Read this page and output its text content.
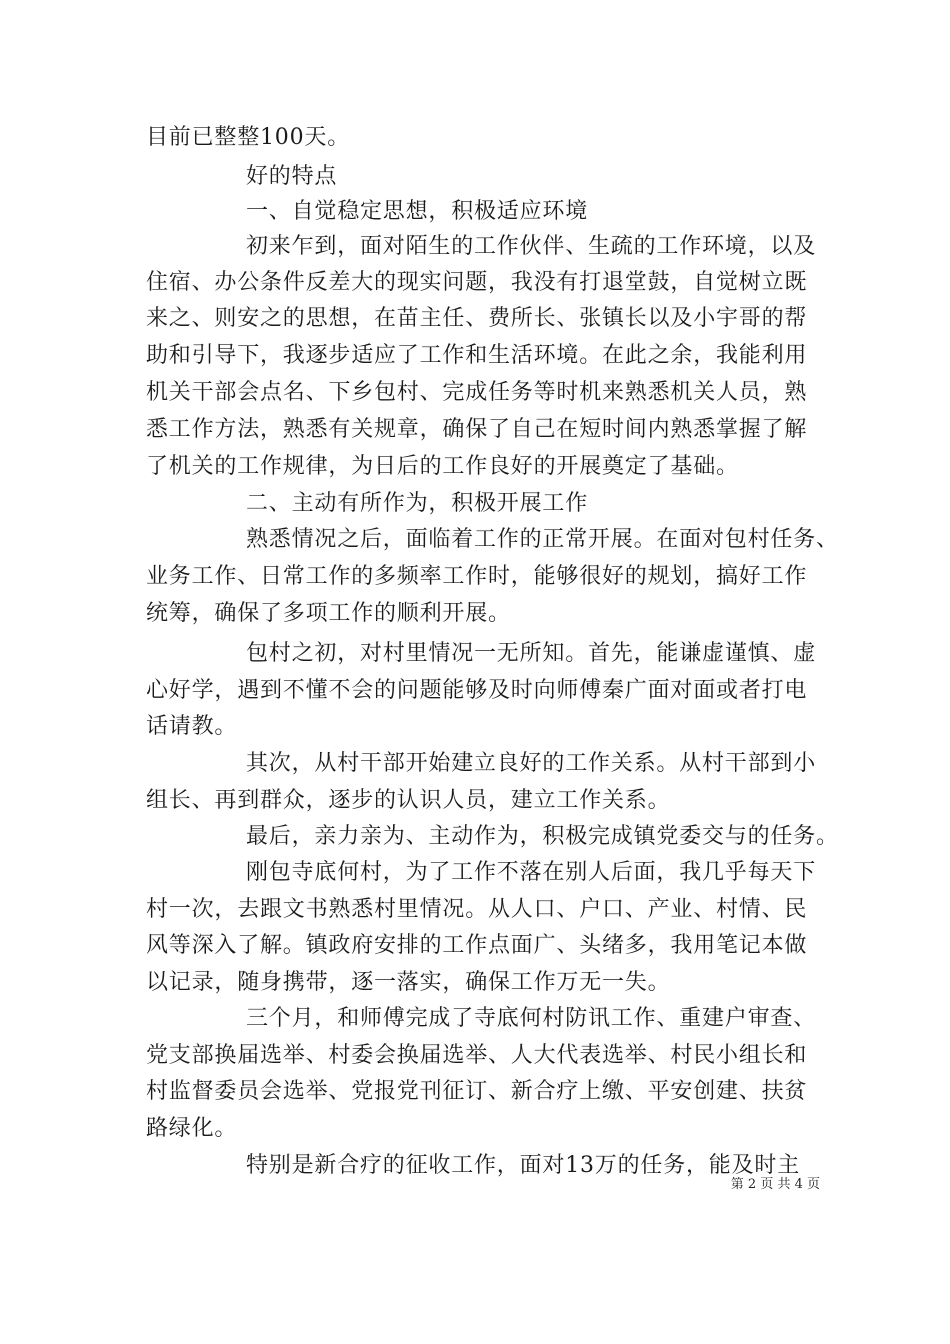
目前已整整100天。
好的特点
一、自觉稳定思想，积极适应环境
初来乍到，面对陌生的工作伙伴、生疏的工作环境，以及
住宿、办公条件反差大的现实问题，我没有打退堂鼓，自觉树立既
来之、则安之的思想，在苗主任、费所长、张镇长以及小宇哥的帮
助和引导下，我逐步适应了工作和生活环境。在此之余，我能利用
机关干部会点名、下乡包村、完成任务等时机来熟悉机关人员，熟
悉工作方法，熟悉有关规章，确保了自己在短时间内熟悉掌握了解
了机关的工作规律，为日后的工作良好的开展奠定了基础。
二、主动有所作为，积极开展工作
熟悉情况之后，面临着工作的正常开展。在面对包村任务、
业务工作、日常工作的多频率工作时，能够很好的规划，搞好工作
统筹，确保了多项工作的顺利开展。
包村之初，对村里情况一无所知。首先，能谦虚谨慎、虚
心好学，遇到不懂不会的问题能够及时向师傅秦广面对面或者打电
话请教。
其次，从村干部开始建立良好的工作关系。从村干部到小
组长、再到群众，逐步的认识人员，建立工作关系。
最后，亲力亲为、主动作为，积极完成镇党委交与的任务。
刚包寺底何村，为了工作不落在别人后面，我几乎每天下
村一次，去跟文书熟悉村里情况。从人口、户口、产业、村情、民
风等深入了解。镇政府安排的工作点面广、头绪多，我用笔记本做
以记录，随身携带，逐一落实，确保工作万无一失。
三个月，和师傅完成了寺底何村防讯工作、重建户审查、
党支部换届选举、村委会换届选举、人大代表选举、村民小组长和
村监督委员会选举、党报党刊征订、新合疗上缴、平安创建、扶贫
路绿化。
特别是新合疗的征收工作，面对13万的任务，能及时主
第 2 页 共 4 页
